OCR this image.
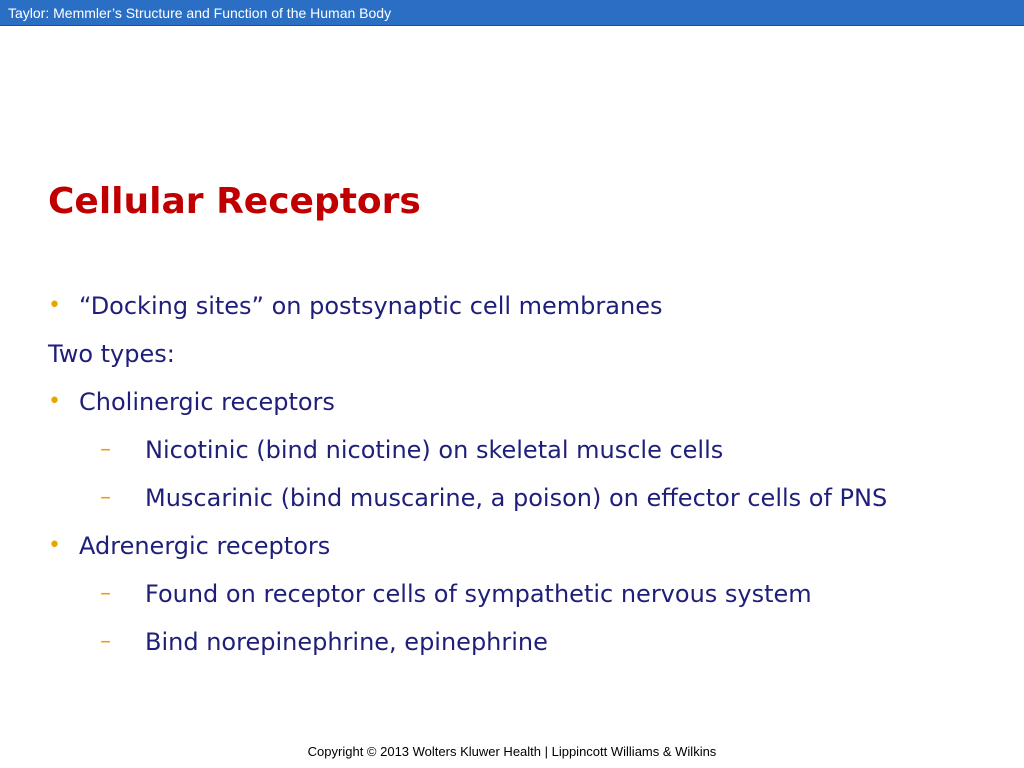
Taylor: Memmler’s Structure and Function of the Human Body
Cellular Receptors
• “Docking sites” on postsynaptic cell membranes
Two types:
• Cholinergic receptors
– Nicotinic (bind nicotine) on skeletal muscle cells
– Muscarinic (bind muscarine, a poison) on effector cells of PNS
• Adrenergic receptors
– Found on receptor cells of sympathetic nervous system
– Bind norepinephrine, epinephrine
Copyright © 2013 Wolters Kluwer Health | Lippincott Williams & Wilkins
